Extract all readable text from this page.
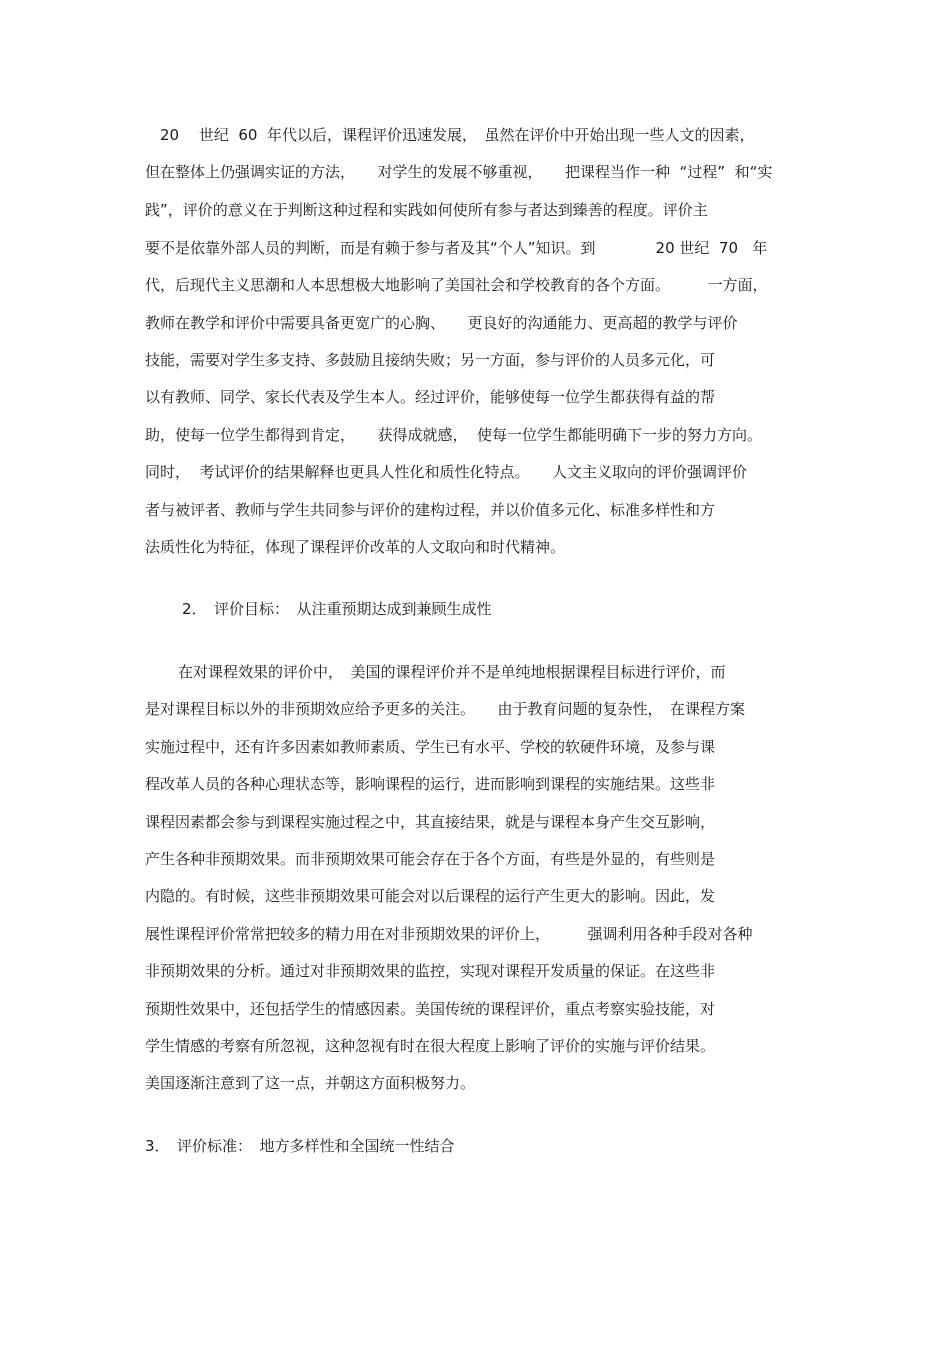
　20　 世纪  60  年代以后，课程评价迅速发展，　虽然在评价中开始出现一些人文的因素，
但在整体上仍强调实证的方法，　　对学生的发展不够重视，　　把课程当作一种  “过程”  和“实
践”，评价的意义在于判断这种过程和实践如何使所有参与者达到臻善的程度。评价主
要不是依靠外部人员的判断，而是有赖于参与者及其“个人”知识。到　　　　20 世纪  70   年
代，后现代主义思潮和人本思想极大地影响了美国社会和学校教育的各个方面。　　　一方面，
教师在教学和评价中需要具备更宽广的心胸、　　更良好的沟通能力、更高超的教学与评价
技能，需要对学生多支持、多鼓励且接纳失败；另一方面，参与评价的人员多元化，可
以有教师、同学、家长代表及学生本人。经过评价，能够使每一位学生都获得有益的帮
助，使每一位学生都得到肯定，　　获得成就感，  使每一位学生都能明确下一步的努力方向。
同时，  考试评价的结果解释也更具人性化和质性化特点。　　人文主义取向的评价强调评价
者与被评者、教师与学生共同参与评价的建构过程，并以价值多元化、标准多样性和方
法质性化为特征，体现了课程评价改革的人文取向和时代精神。
2．　评价目标：　从注重预期达成到兼顾生成性
在对课程效果的评价中，　美国的课程评价并不是单纯地根据课程目标进行评价，而
是对课程目标以外的非预期效应给予更多的关注。　　由于教育问题的复杂性，　在课程方案
实施过程中，还有许多因素如教师素质、学生已有水平、学校的软硬件环境，及参与课
程改革人员的各种心理状态等，影响课程的运行，进而影响到课程的实施结果。这些非
课程因素都会参与到课程实施过程之中，其直接结果，就是与课程本身产生交互影响，
产生各种非预期效果。而非预期效果可能会存在于各个方面，有些是外显的，有些则是
内隐的。有时候，这些非预期效果可能会对以后课程的运行产生更大的影响。因此，发
展性课程评价常常把较多的精力用在对非预期效果的评价上，　　　强调利用各种手段对各种
非预期效果的分析。通过对非预期效果的监控，实现对课程开发质量的保证。在这些非
预期性效果中，还包括学生的情感因素。美国传统的课程评价，重点考察实验技能，对
学生情感的考察有所忽视，这种忽视有时在很大程度上影响了评价的实施与评价结果。
美国逐渐注意到了这一点，并朝这方面积极努力。
3．　评价标准：　地方多样性和全国统一性结合
